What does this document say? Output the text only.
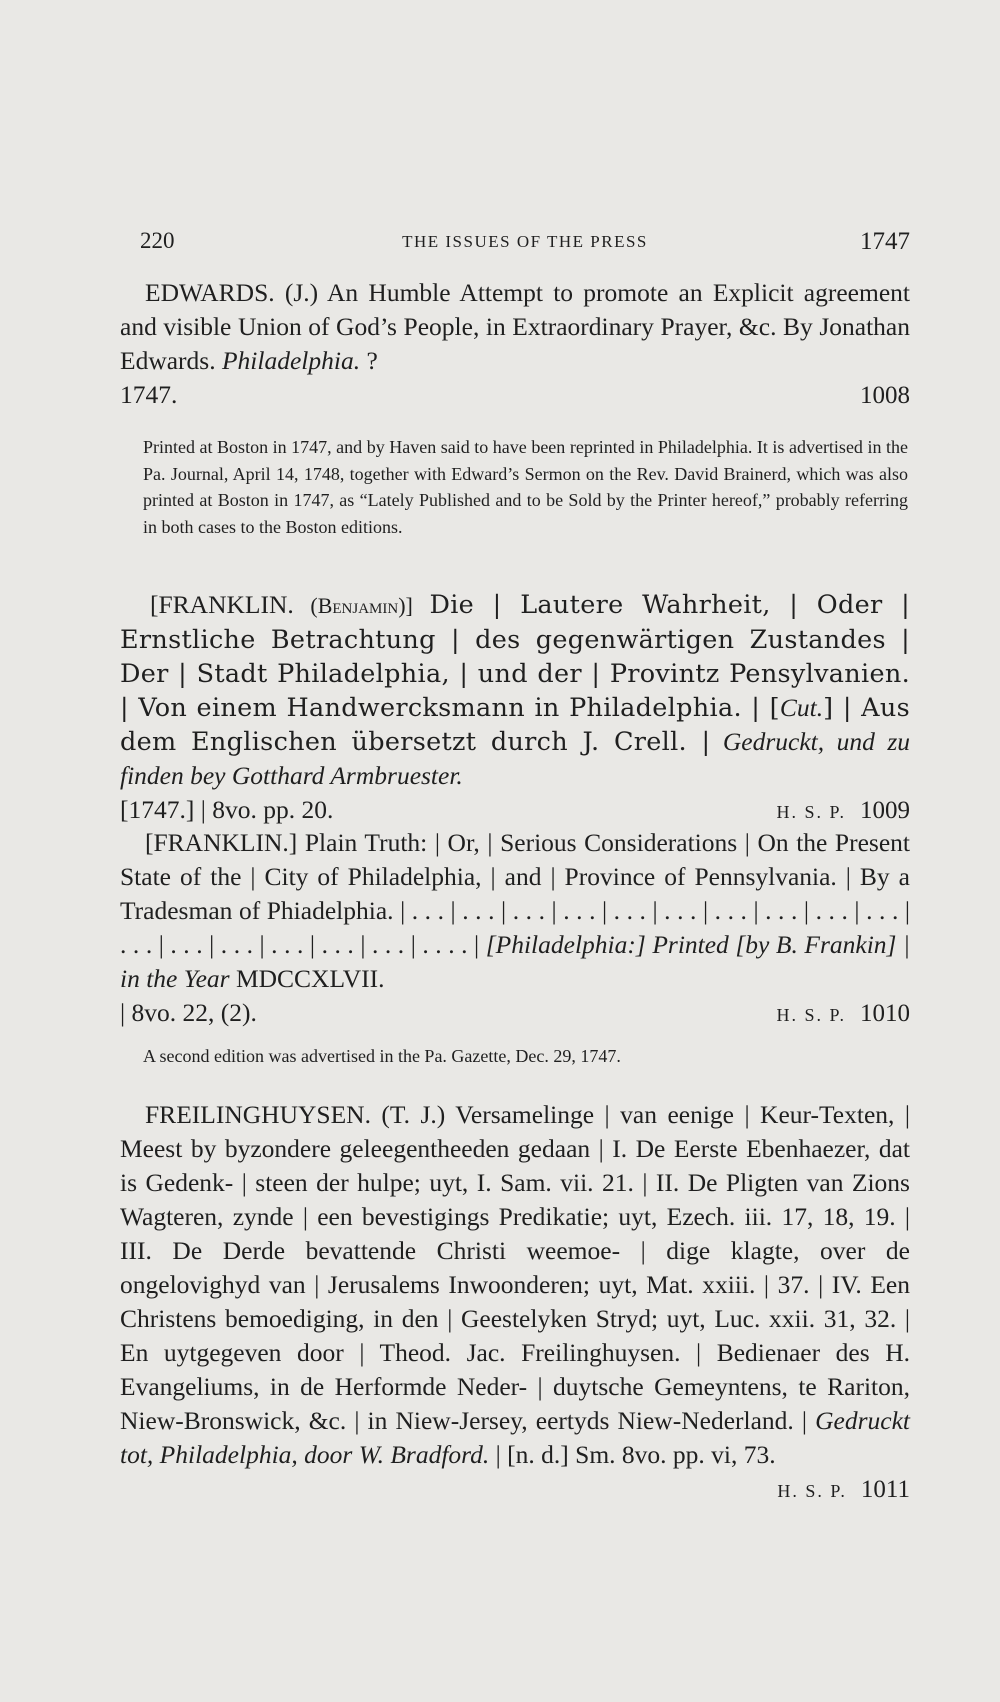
220	THE ISSUES OF THE PRESS	1747

EDWARDS. (J.) An Humble Attempt to promote an Explicit agreement and visible Union of God’s People, in Extraordinary Prayer, &c. By Jonathan Edwards. Philadelphia. ?

1747.	1008
Printed at Boston in 1747, and by Haven said to have been reprinted in Philadelphia. It is advertised in the Pa. Journal, April 14, 1748, together with Edward’s Sermon on the Rev. David Brainerd, which was also printed at Boston in 1747, as “Lately Published and to be Sold by the Printer hereof,” probably referring in both cases to the Boston editions.

[FRANKLIN. (Benjamin)] Die | Lautere Wahrheit, | Oder | Ernstliche Betrachtung | des gegenwärtigen Zustandes | Der | Stadt Philadelphia, | und der | Provintz Pensylvanien. | Von einem Handwercksmann in Philadelphia. | [Cut.] | Aus dem Englischen übersetzt durch J. Crell. | Gedruckt, und zu finden bey Gotthard Armbruester.

[1747.] | 8vo. pp. 20.	H. S. P. 1009

[FRANKLIN.] Plain Truth: | Or, | Serious Considerations | On the Present State of the | City of Philadelphia, | and | Province of Pennsylvania. | By a Tradesman of Phiadelphia. | . . . | . . . | . . . | . . . | . . . | . . . | . . . | . . . | . . . | . . . | . . . | . . . | . . . | . . . | . . . | . . . | . . . . | [Philadelphia:] Printed [by B. Frankin] | in the Year MDCCXLVII.

| 8vo. 22, (2).	H. S. P. 1010
A second edition was advertised in the Pa. Gazette, Dec. 29, 1747.

FREILINGHUYSEN. (T. J.) Versamelinge | van eenige | Keur-Texten, | Meest by byzondere geleegentheeden gedaan | I. De Eerste Ebenhaezer, dat is Gedenk- | steen der hulpe; uyt, I. Sam. vii. 21. | II. De Pligten van Zions Wagteren, zynde | een bevestigings Predikatie; uyt, Ezech. iii. 17, 18, 19. | III. De Derde bevattende Christi weemoe- | dige klagte, over de ongelovighyd van | Jerusalems Inwoonderen; uyt, Mat. xxiii. | 37. | IV. Een Christens bemoediging, in den | Geestelyken Stryd; uyt, Luc. xxii. 31, 32. | En uytgegeven door | Theod. Jac. Freilinghuysen. | Bedienaer des H. Evangeliums, in de Herformde Neder- | duytsche Gemeyntens, te Rariton, Niew-Bronswick, &c. | in Niew-Jersey, eertyds Niew-Nederland. | Gedruckt tot, Philadelphia, door W. Bradford. | [n. d.] Sm. 8vo. pp. vi, 73.

H. S. P. 1011
